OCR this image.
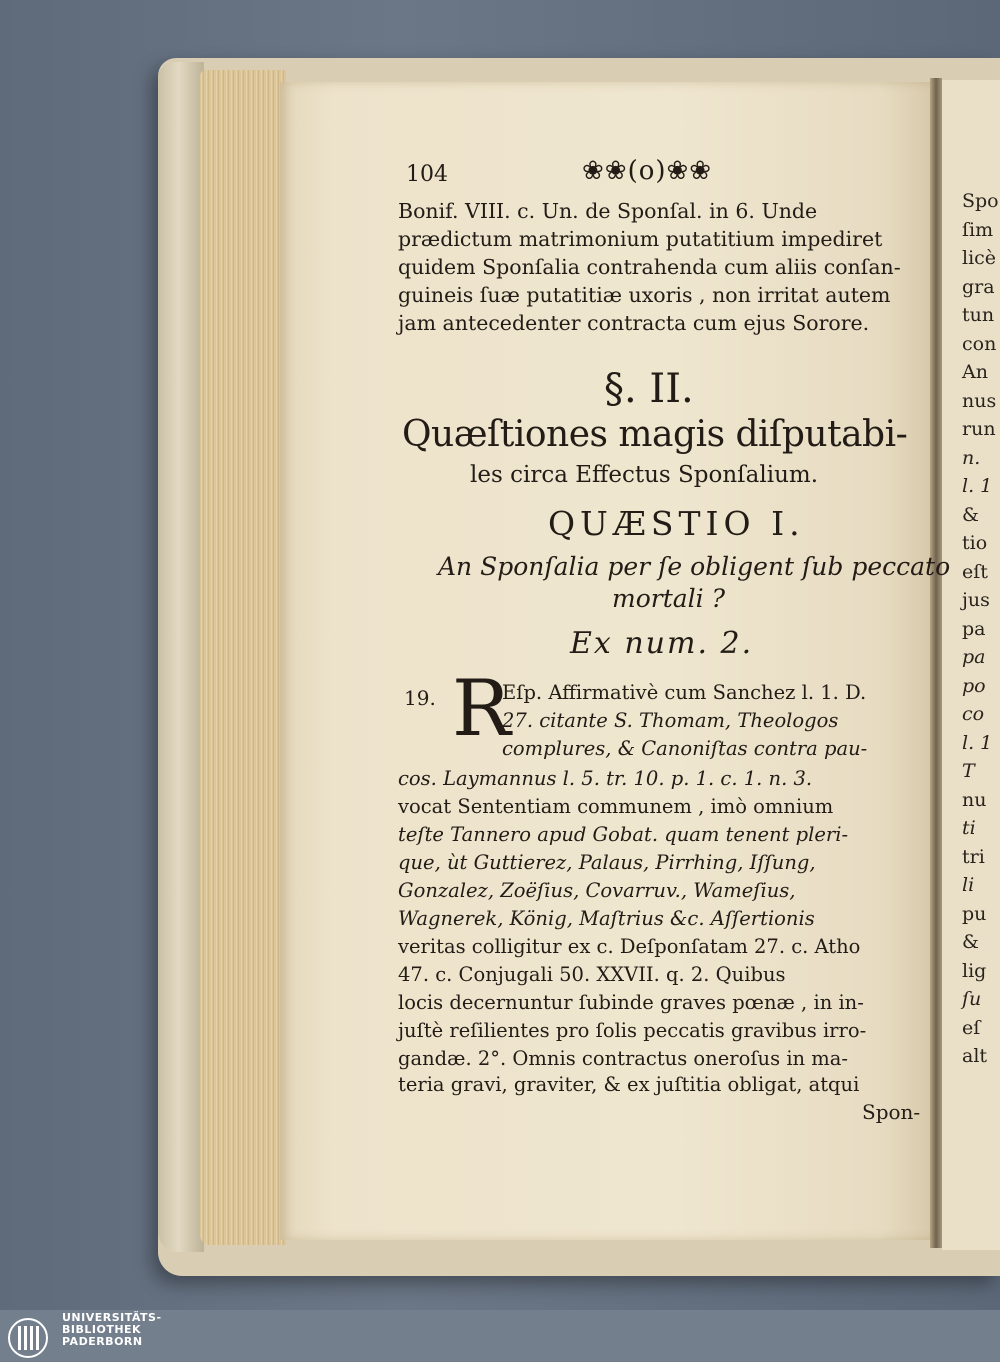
Spo
ſim
licè
gra
tun
con
An
nus
run
n.
l. 1
&
tio
eſt
jus
pa
pa
po
co
l. 1
T
nu
ti
tri
li
pu
&
lig
ſu
eſ
alt
104	❀❀(o)❀❀
Bonif. VIII. c. Un. de Sponſal. in 6. Unde
prædictum matrimonium putatitium impediret
quidem Sponſalia contrahenda cum aliis conſan-
guineis ſuæ putatitiæ uxoris , non irritat autem
jam antecedenter contracta cum ejus Sorore.
§. II.
Quæſtiones magis diſputabi-
les circa Effectus Sponſalium.
QUÆSTIO I.
An Sponſalia per ſe obligent ſub peccato
mortali ?
Ex num. 2.
19. R
Eſp. Affirmativè cum Sanchez l. 1. D.
27. citante S. Thomam, Theologos
complures, & Canoniſtas contra pau-
cos. Laymannus l. 5. tr. 10. p. 1. c. 1. n. 3.
vocat Sententiam communem , imò omnium
teſte Tannero apud Gobat. quam tenent pleri-
que, ùt Guttierez, Palaus, Pirrhing, Iſſung,
Gonzalez, Zoëſius, Covarruv., Wameſius,
Wagnerek, König, Maſtrius &c. Aſſertionis
veritas colligitur ex c. Deſponſatam 27. c. Atho
47. c. Conjugali 50. XXVII. q. 2. Quibus
locis decernuntur ſubinde graves pœnæ , in in-
juſtè reſilientes pro ſolis peccatis gravibus irro-
gandæ. 2°. Omnis contractus oneroſus in ma-
teria gravi, graviter, & ex juſtitia obligat, atqui
Spon-
UNIVERSITÄTS-
BIBLIOTHEK
PADERBORN
